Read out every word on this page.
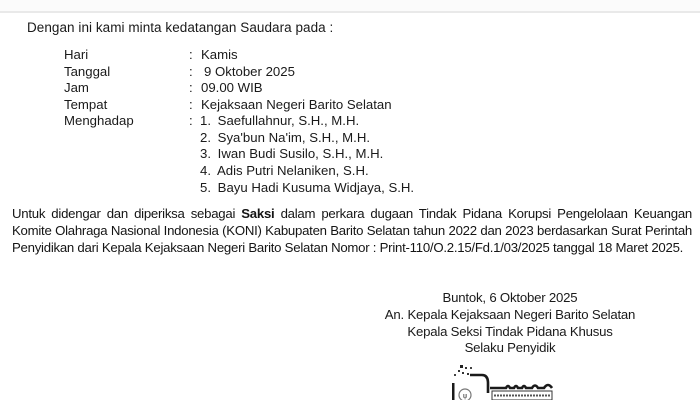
Dengan ini kami minta kedatangan Saudara pada :
Hari	: Kamis
Tanggal	: 9 Oktober 2025
Jam	: 09.00 WIB
Tempat	: Kejaksaan Negeri Barito Selatan
Menghadap	: 1. Saefullahnur, S.H., M.H.
2. Sya'bun Na'im, S.H., M.H.
3. Iwan Budi Susilo, S.H., M.H.
4. Adis Putri Nelaniken, S.H.
5. Bayu Hadi Kusuma Widjaya, S.H.
Untuk didengar dan diperiksa sebagai Saksi dalam perkara dugaan Tindak Pidana Korupsi Pengelolaan Keuangan Komite Olahraga Nasional Indonesia (KONI) Kabupaten Barito Selatan tahun 2022 dan 2023 berdasarkan Surat Perintah Penyidikan dari Kepala Kejaksaan Negeri Barito Selatan Nomor : Print-110/O.2.15/Fd.1/03/2025 tanggal 18 Maret 2025.
Buntok, 6 Oktober 2025
An. Kepala Kejaksaan Negeri Barito Selatan
Kepala Seksi Tindak Pidana Khusus
Selaku Penyidik
ψ
